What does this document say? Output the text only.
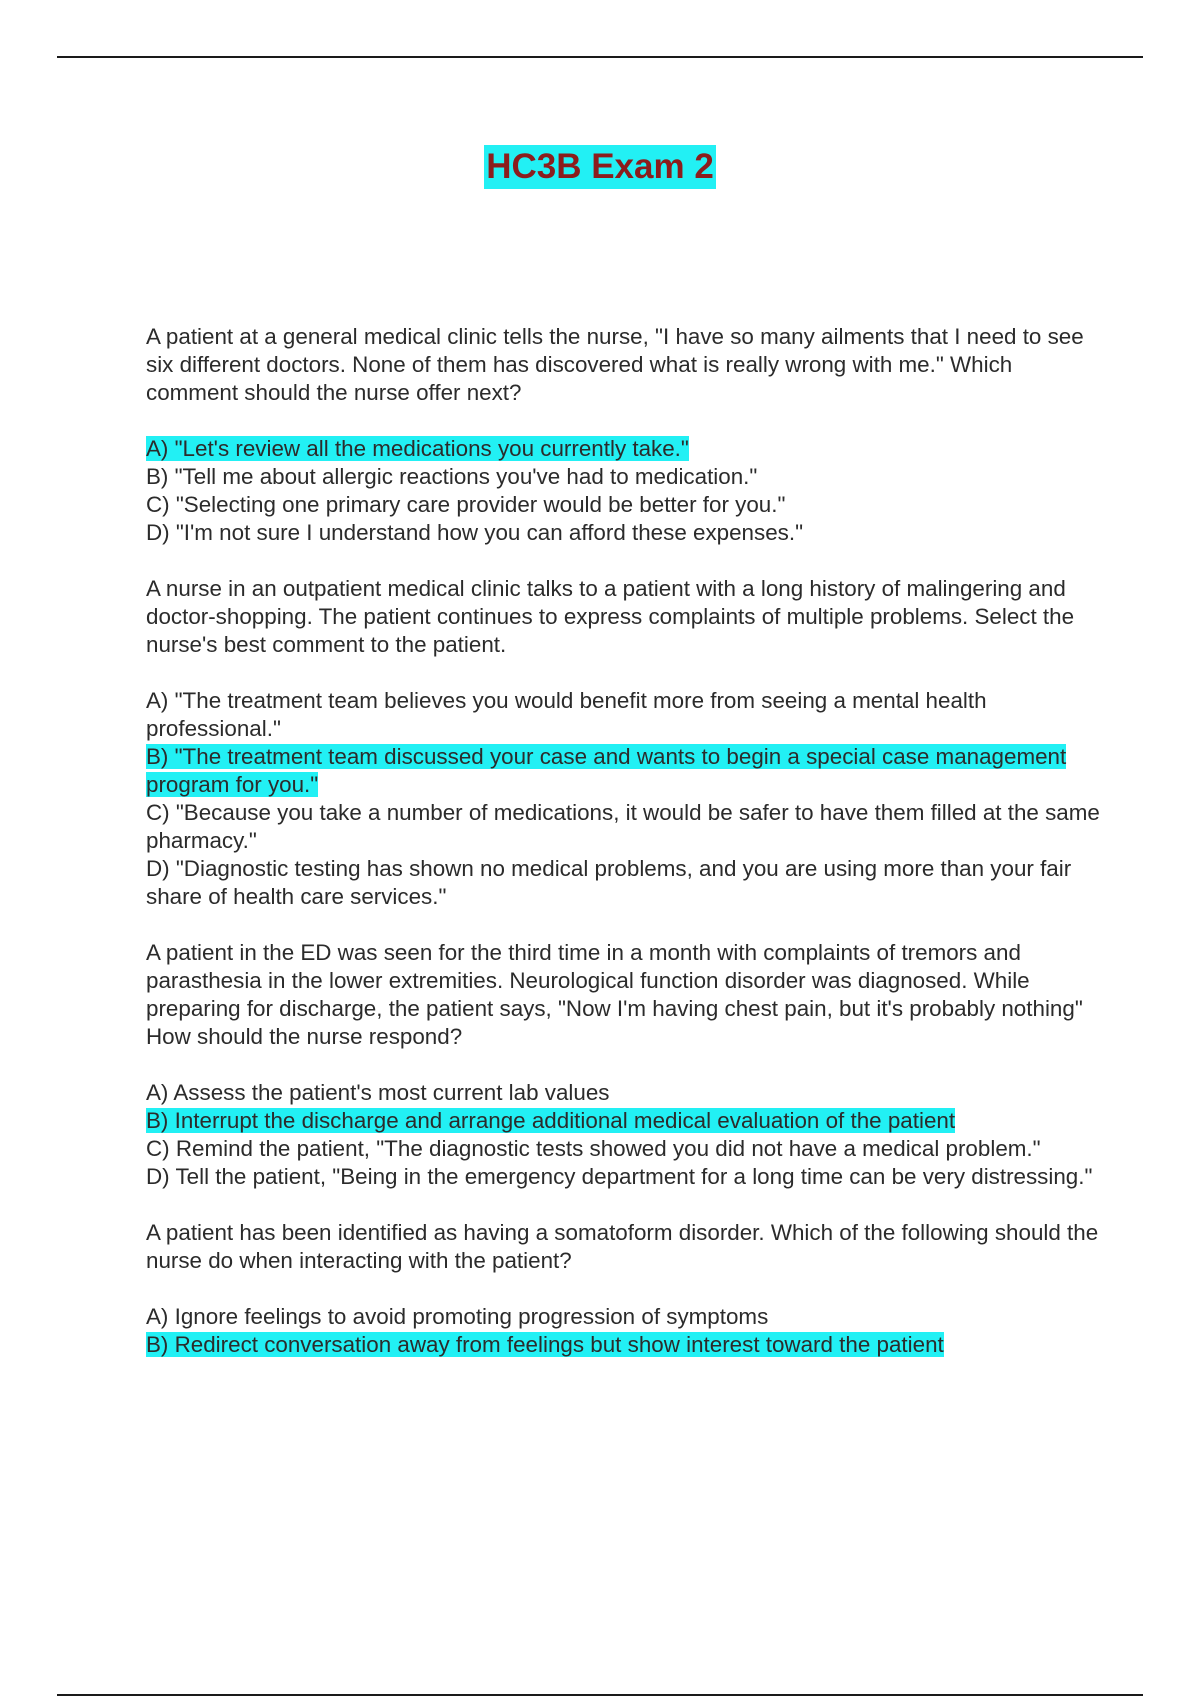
HC3B Exam 2

A patient at a general medical clinic tells the nurse, "I have so many ailments that I need to see six different doctors. None of them has discovered what is really wrong with me." Which comment should the nurse offer next?

A) "Let's review all the medications you currently take."
B) "Tell me about allergic reactions you've had to medication."
C) "Selecting one primary care provider would be better for you."
D) "I'm not sure I understand how you can afford these expenses."

A nurse in an outpatient medical clinic talks to a patient with a long history of malingering and doctor-shopping. The patient continues to express complaints of multiple problems. Select the nurse's best comment to the patient.

A) "The treatment team believes you would benefit more from seeing a mental health professional."
B) "The treatment team discussed your case and wants to begin a special case management program for you."
C) "Because you take a number of medications, it would be safer to have them filled at the same pharmacy."
D) "Diagnostic testing has shown no medical problems, and you are using more than your fair share of health care services."

A patient in the ED was seen for the third time in a month with complaints of tremors and parasthesia in the lower extremities. Neurological function disorder was diagnosed. While preparing for discharge, the patient says, "Now I'm having chest pain, but it's probably nothing" How should the nurse respond?

A) Assess the patient's most current lab values
B) Interrupt the discharge and arrange additional medical evaluation of the patient
C) Remind the patient, "The diagnostic tests showed you did not have a medical problem."
D) Tell the patient, "Being in the emergency department for a long time can be very distressing."

A patient has been identified as having a somatoform disorder. Which of the following should the nurse do when interacting with the patient?

A) Ignore feelings to avoid promoting progression of symptoms
B) Redirect conversation away from feelings but show interest toward the patient
